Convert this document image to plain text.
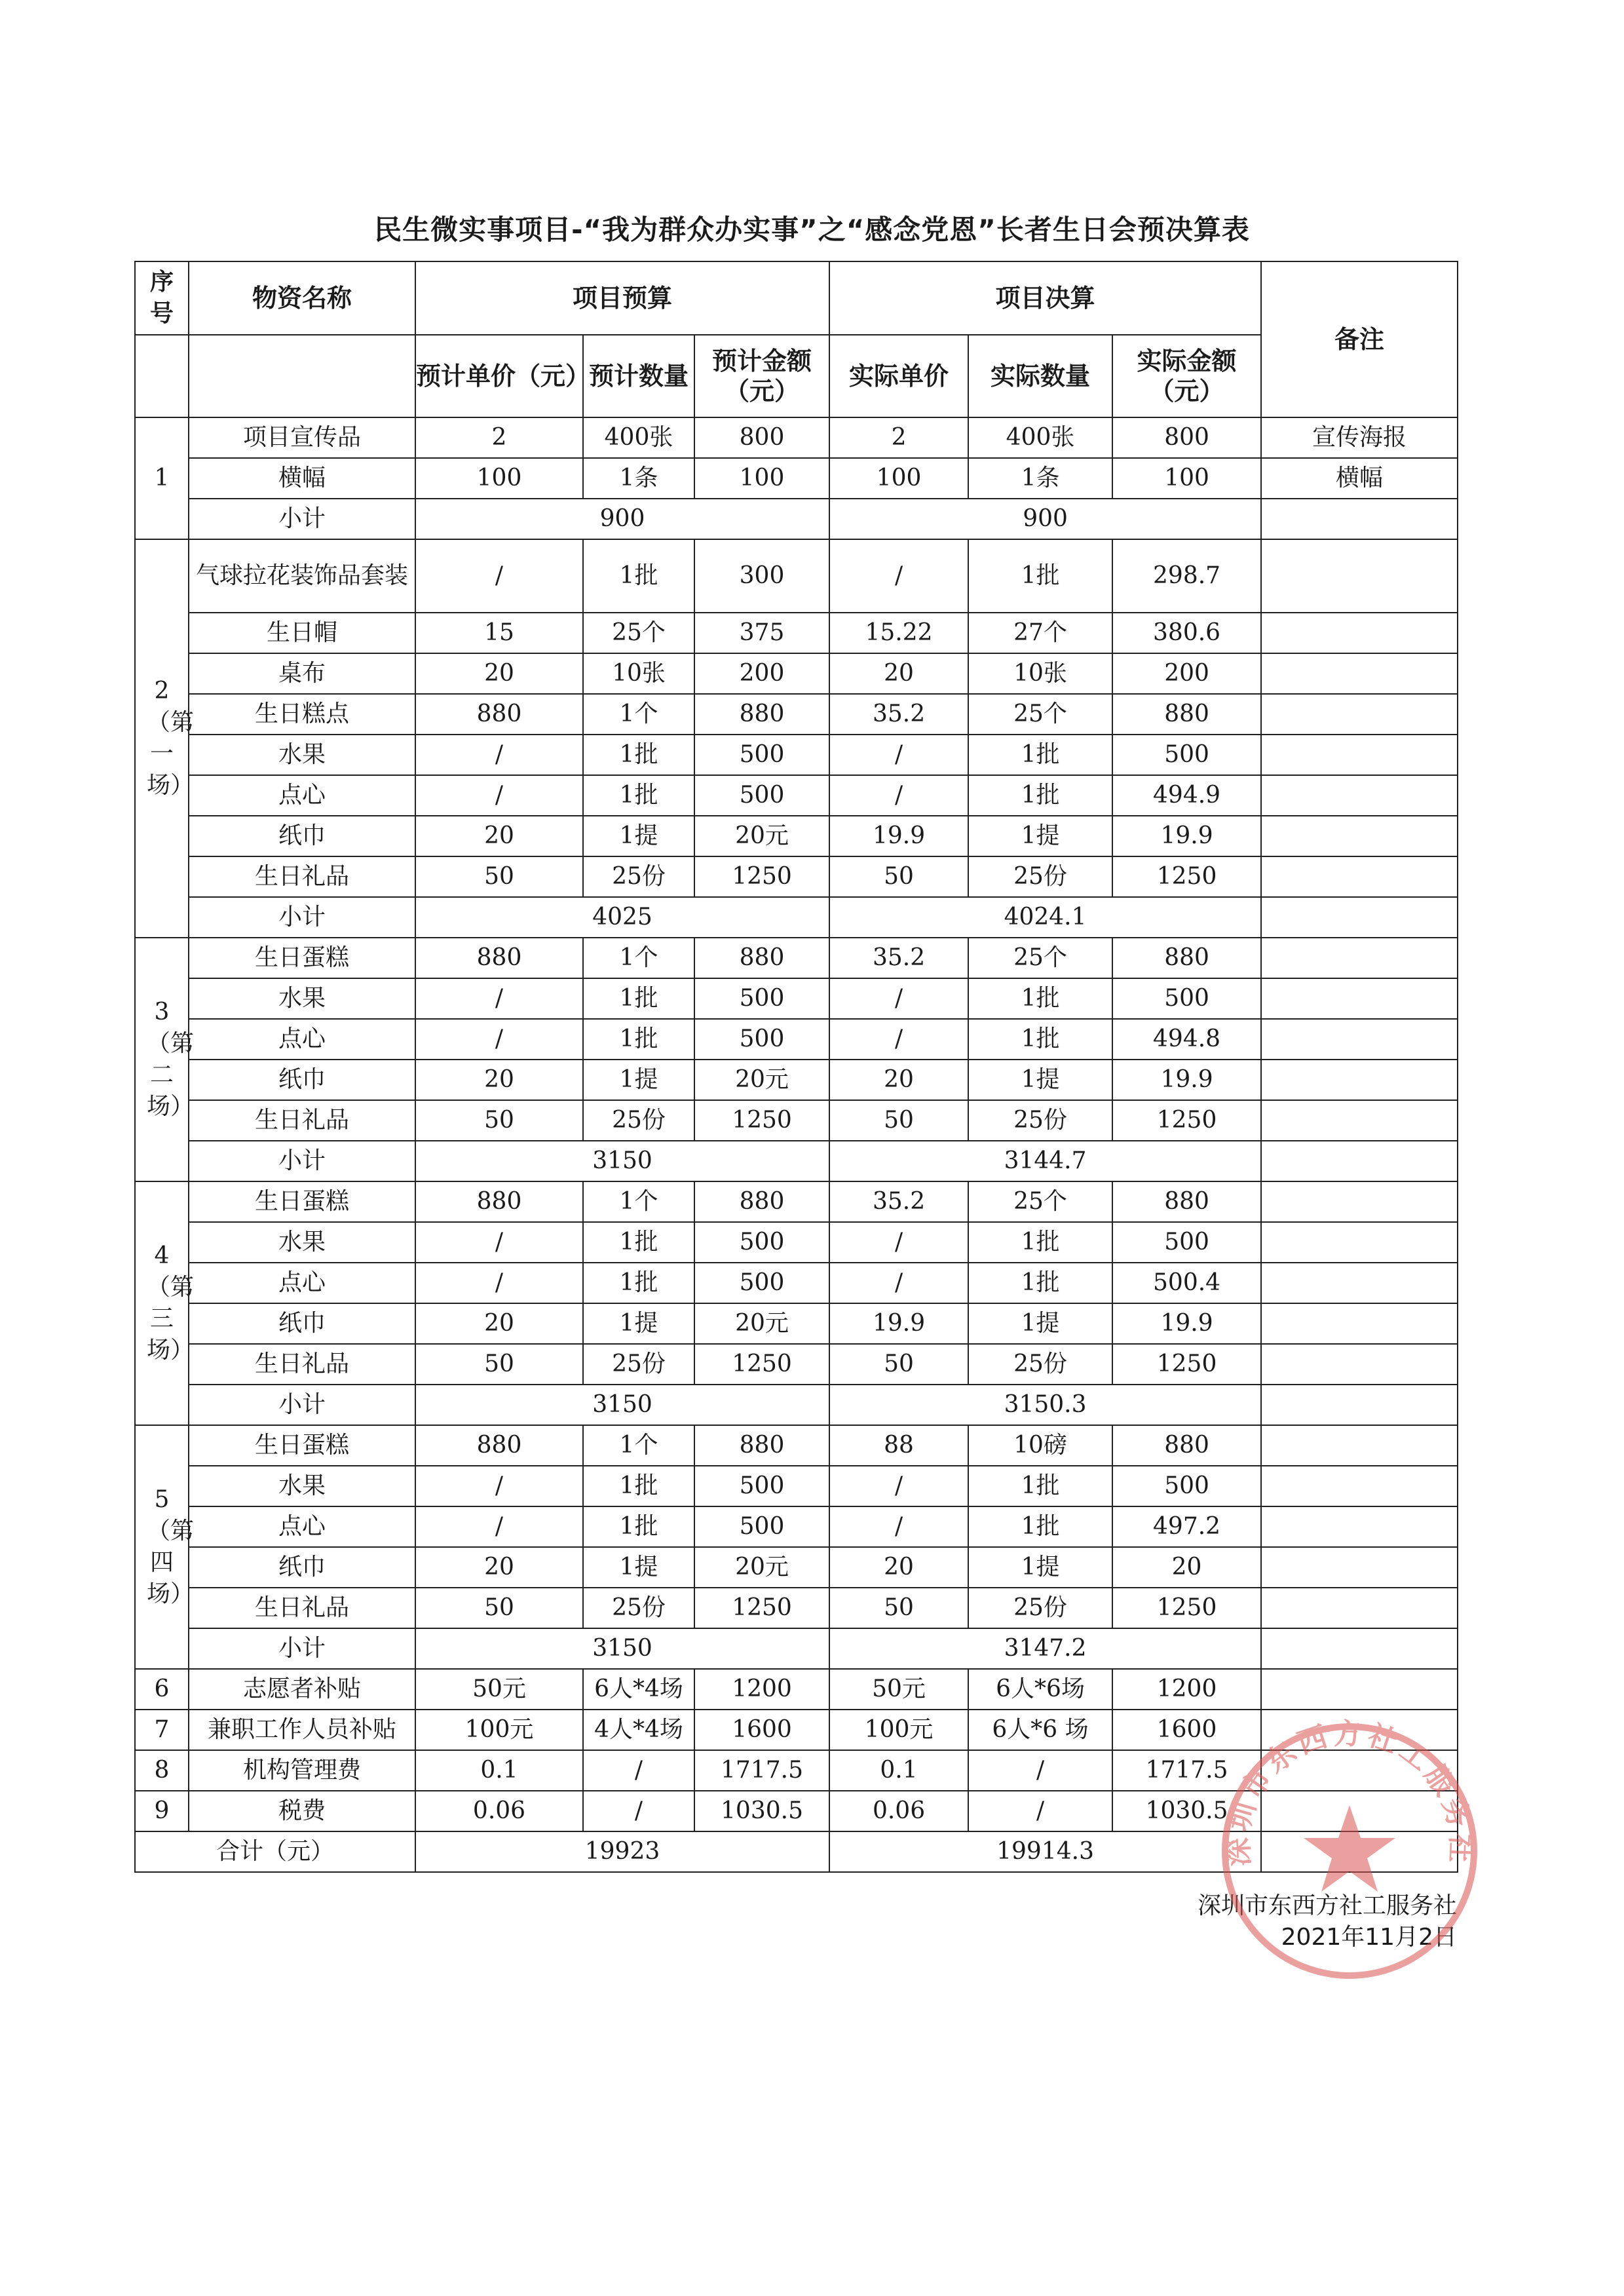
民生微实事项目-“我为群众办实事”之“感念党恩”长者生日会预决算表
序号	物资名称	项目预算			项目决算			备注
		预计单价（元）	预计数量	预计金额（元）	实际单价	实际数量	实际金额（元）	

1	项目宣传品	2	400张	800	2	400张	800	宣传海报
	横幅	100	1条	100	100	1条	100	横幅
	小计	900			900			

2（第一场）	气球拉花装饰品套装	/	1批	300	/	1批	298.7	
	生日帽	15	25个	375	15.22	27个	380.6	
	桌布	20	10张	200	20	10张	200	
	生日糕点	880	1个	880	35.2	25个	880	
	水果	/	1批	500	/	1批	500	
	点心	/	1批	500	/	1批	494.9	
	纸巾	20	1提	20元	19.9	1提	19.9	
	生日礼品	50	25份	1250	50	25份	1250	
	小计	4025			4024.1			

3（第二场）	生日蛋糕	880	1个	880	35.2	25个	880	
	水果	/	1批	500	/	1批	500	
	点心	/	1批	500	/	1批	494.8	
	纸巾	20	1提	20元	20	1提	19.9	
	生日礼品	50	25份	1250	50	25份	1250	
	小计	3150			3144.7			

4（第三场）	生日蛋糕	880	1个	880	35.2	25个	880	
	水果	/	1批	500	/	1批	500	
	点心	/	1批	500	/	1批	500.4	
	纸巾	20	1提	20元	19.9	1提	19.9	
	生日礼品	50	25份	1250	50	25份	1250	
	小计	3150			3150.3			

5（第四场）	生日蛋糕	880	1个	880	88	10磅	880	
	水果	/	1批	500	/	1批	500	
	点心	/	1批	500	/	1批	497.2	
	纸巾	20	1提	20元	20	1提	20	
	生日礼品	50	25份	1250	50	25份	1250	
	小计	3150			3147.2			
6	志愿者补贴	50元	6人*4场	1200	50元	6人*6场	1200	
7	兼职工作人员补贴	100元	4人*4场	1600	100元	6人*6 场	1600	
8	机构管理费	0.1	/	1717.5	0.1	/	1717.5	
9	税费	0.06	/	1030.5	0.06	/	1030.5	
合计（元）		19923			19914.3			
深圳市东西方社工服务社
2021年11月2日
深圳市东西方社工服务社
